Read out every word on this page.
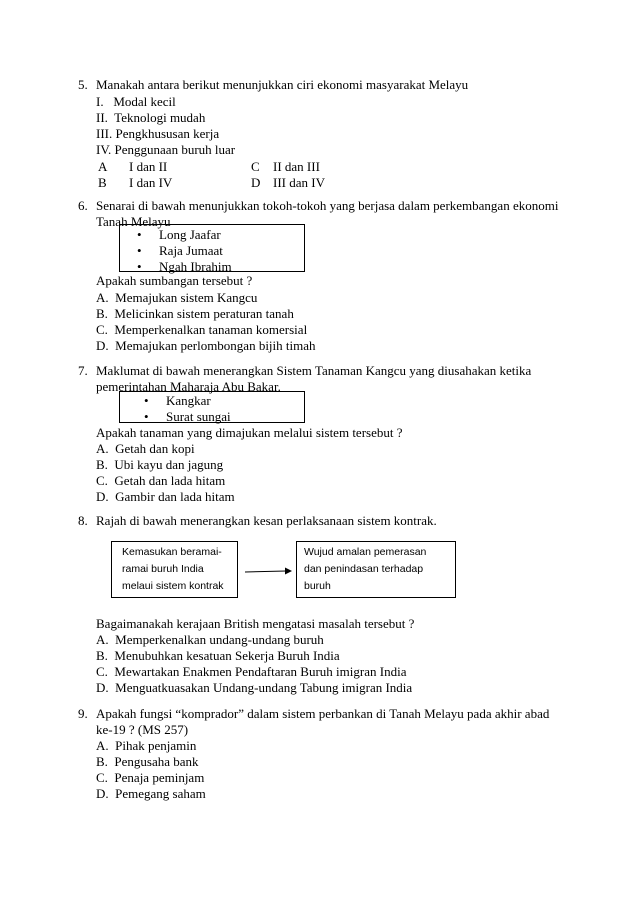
5. Manakah antara berikut menunjukkan ciri ekonomi masyarakat Melayu
I.   Modal kecil
II.  Teknologi mudah
III. Pengkhususan kerja
IV. Penggunaan buruh luar
A I dan II	C II dan III
B I dan IV	D III dan IV
6. Senarai di bawah menunjukkan tokoh-tokoh yang berjasa dalam perkembangan ekonomi
Tanah Melayu
• Long Jaafar
• Raja Jumaat
• Ngah Ibrahim
Apakah sumbangan tersebut ?
A.  Memajukan sistem Kangcu
B.  Melicinkan sistem peraturan tanah
C.  Memperkenalkan tanaman komersial
D.  Memajukan perlombongan bijih timah
7. Maklumat di bawah menerangkan Sistem Tanaman Kangcu yang diusahakan ketika
pemerintahan Maharaja Abu Bakar.
• Kangkar
• Surat sungai
Apakah tanaman yang dimajukan melalui sistem tersebut ?
A.  Getah dan kopi
B.  Ubi kayu dan jagung
C.  Getah dan lada hitam
D.  Gambir dan lada hitam
8. Rajah di bawah menerangkan kesan perlaksanaan sistem kontrak.
Kemasukan beramai-
ramai buruh India
melaui sistem kontrak
Wujud amalan pemerasan
dan penindasan terhadap
buruh
Bagaimanakah kerajaan British mengatasi masalah tersebut ?
A.  Memperkenalkan undang-undang buruh
B.  Menubuhkan kesatuan Sekerja Buruh India
C.  Mewartakan Enakmen Pendaftaran Buruh imigran India
D.  Menguatkuasakan Undang-undang Tabung imigran India
9. Apakah fungsi “komprador” dalam sistem perbankan di Tanah Melayu pada akhir abad
ke-19 ? (MS 257)
A.  Pihak penjamin
B.  Pengusaha bank
C.  Penaja peminjam
D.  Pemegang saham
